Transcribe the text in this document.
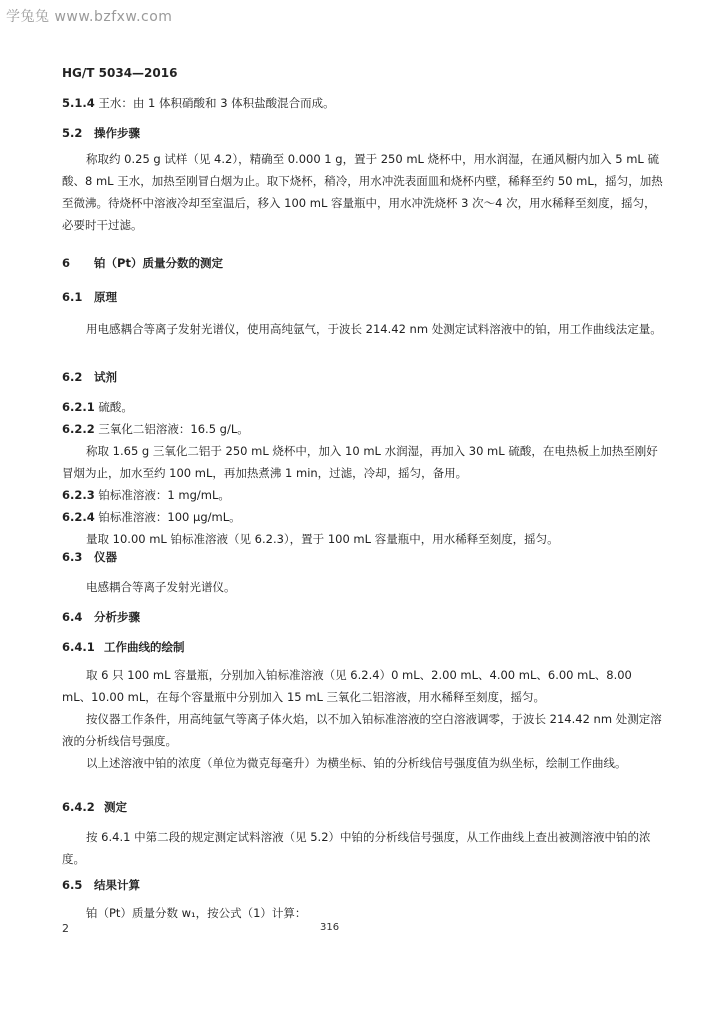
学兔兔 www.bzfxw.com
HG/T 5034—2016
5.1.4 王水：由 1 体积硝酸和 3 体积盐酸混合而成。
5.2 操作步骤

称取约 0.25 g 试样（见 4.2），精确至 0.000 1 g，置于 250 mL 烧杯中，用水润湿，在通风橱内加入 5 mL 硫酸、8 mL 王水，加热至刚冒白烟为止。取下烧杯，稍冷，用水冲洗表面皿和烧杯内壁，稀释至约 50 mL，摇匀，加热至微沸。待烧杯中溶液冷却至室温后，移入 100 mL 容量瓶中，用水冲洗烧杯 3 次～4 次，用水稀释至刻度，摇匀，必要时干过滤。

6 铂（Pt）质量分数的测定
6.1 原理

用电感耦合等离子发射光谱仪，使用高纯氩气，于波长 214.42 nm 处测定试料溶液中的铂，用工作曲线法定量。

6.2 试剂
6.2.1 硫酸。
6.2.2 三氧化二铝溶液：16.5 g/L。

称取 1.65 g 三氧化二铝于 250 mL 烧杯中，加入 10 mL 水润湿，再加入 30 mL 硫酸，在电热板上加热至刚好冒烟为止，加水至约 100 mL，再加热煮沸 1 min，过滤，冷却，摇匀，备用。

6.2.3 铂标准溶液：1 mg/mL。
6.2.4 铂标准溶液：100 μg/mL。

量取 10.00 mL 铂标准溶液（见 6.2.3），置于 100 mL 容量瓶中，用水稀释至刻度，摇匀。

6.3 仪器

电感耦合等离子发射光谱仪。

6.4 分析步骤
6.4.1 工作曲线的绘制

取 6 只 100 mL 容量瓶，分别加入铂标准溶液（见 6.2.4）0 mL、2.00 mL、4.00 mL、6.00 mL、8.00 mL、10.00 mL，在每个容量瓶中分别加入 15 mL 三氧化二铝溶液，用水稀释至刻度，摇匀。

按仪器工作条件，用高纯氩气等离子体火焰，以不加入铂标准溶液的空白溶液调零，于波长 214.42 nm 处测定溶液的分析线信号强度。

以上述溶液中铂的浓度（单位为微克每毫升）为横坐标、铂的分析线信号强度值为纵坐标，绘制工作曲线。

6.4.2 测定

按 6.4.1 中第二段的规定测定试料溶液（见 5.2）中铂的分析线信号强度，从工作曲线上查出被测溶液中铂的浓度。

6.5 结果计算

铂（Pt）质量分数 w₁，按公式（1）计算：

2	316
